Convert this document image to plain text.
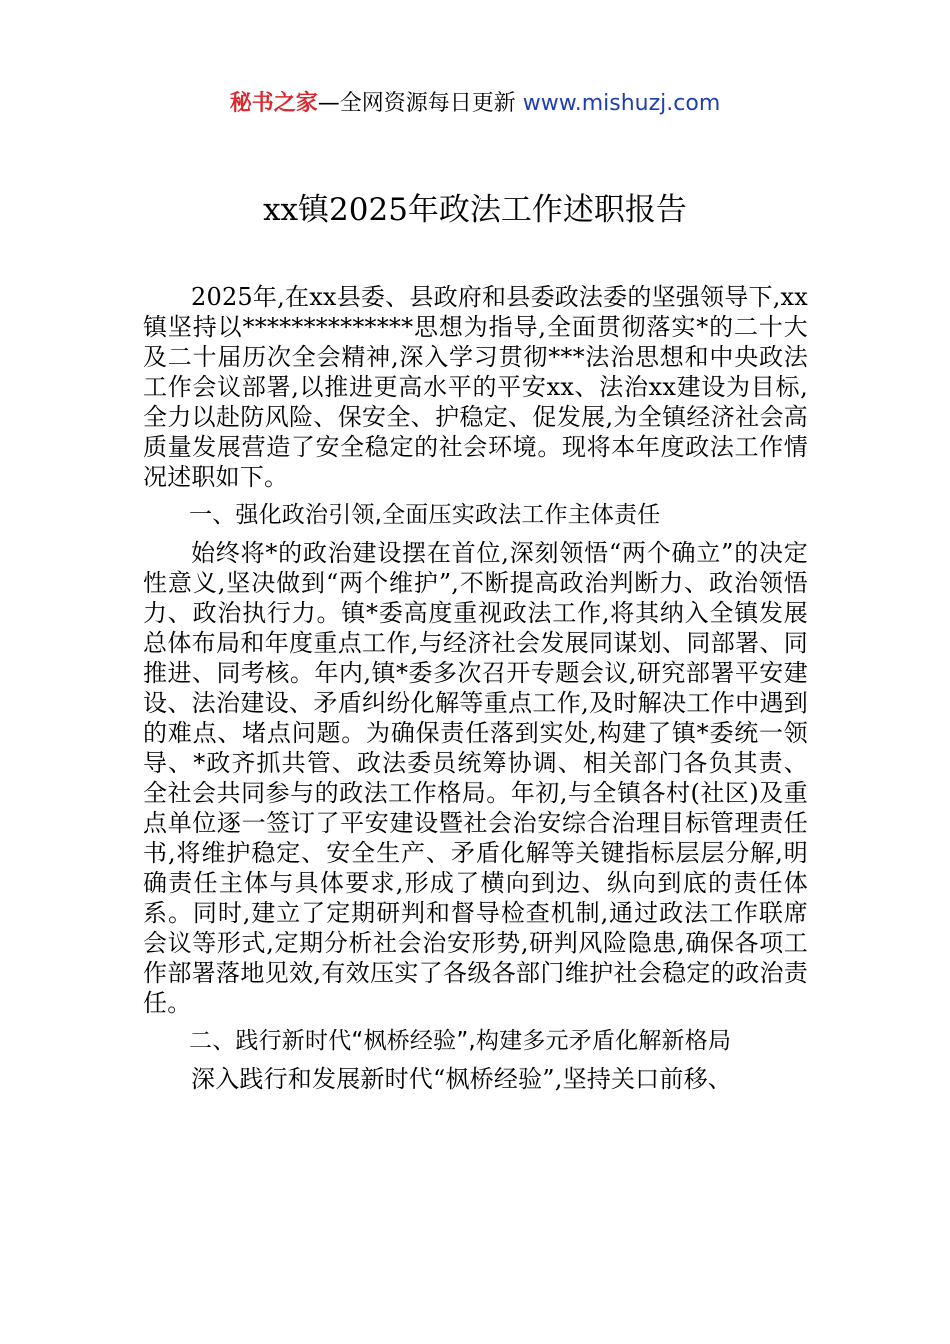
秘书之家—全网资源每日更新 www.mishuzj.com
xx镇2025年政法工作述职报告

2025年,在xx县委、县政府和县委政法委的坚强领导下,xx镇坚持以**************思想为指导,全面贯彻落实*的二十大及二十届历次全会精神,深入学习贯彻***法治思想和中央政法工作会议部署,以推进更高水平的平安xx、法治xx建设为目标,全力以赴防风险、保安全、护稳定、促发展,为全镇经济社会高质量发展营造了安全稳定的社会环境。现将本年度政法工作情况述职如下。

一、强化政治引领,全面压实政法工作主体责任

始终将*的政治建设摆在首位,深刻领悟“两个确立”的决定性意义,坚决做到“两个维护”,不断提高政治判断力、政治领悟力、政治执行力。镇*委高度重视政法工作,将其纳入全镇发展总体布局和年度重点工作,与经济社会发展同谋划、同部署、同推进、同考核。年内,镇*委多次召开专题会议,研究部署平安建设、法治建设、矛盾纠纷化解等重点工作,及时解决工作中遇到的难点、堵点问题。为确保责任落到实处,构建了镇*委统一领导、*政齐抓共管、政法委员统筹协调、相关部门各负其责、全社会共同参与的政法工作格局。年初,与全镇各村(社区)及重点单位逐一签订了平安建设暨社会治安综合治理目标管理责任书,将维护稳定、安全生产、矛盾化解等关键指标层层分解,明确责任主体与具体要求,形成了横向到边、纵向到底的责任体系。同时,建立了定期研判和督导检查机制,通过政法工作联席会议等形式,定期分析社会治安形势,研判风险隐患,确保各项工作部署落地见效,有效压实了各级各部门维护社会稳定的政治责任。

二、践行新时代“枫桥经验”,构建多元矛盾化解新格局

深入践行和发展新时代“枫桥经验”,坚持关口前移、
